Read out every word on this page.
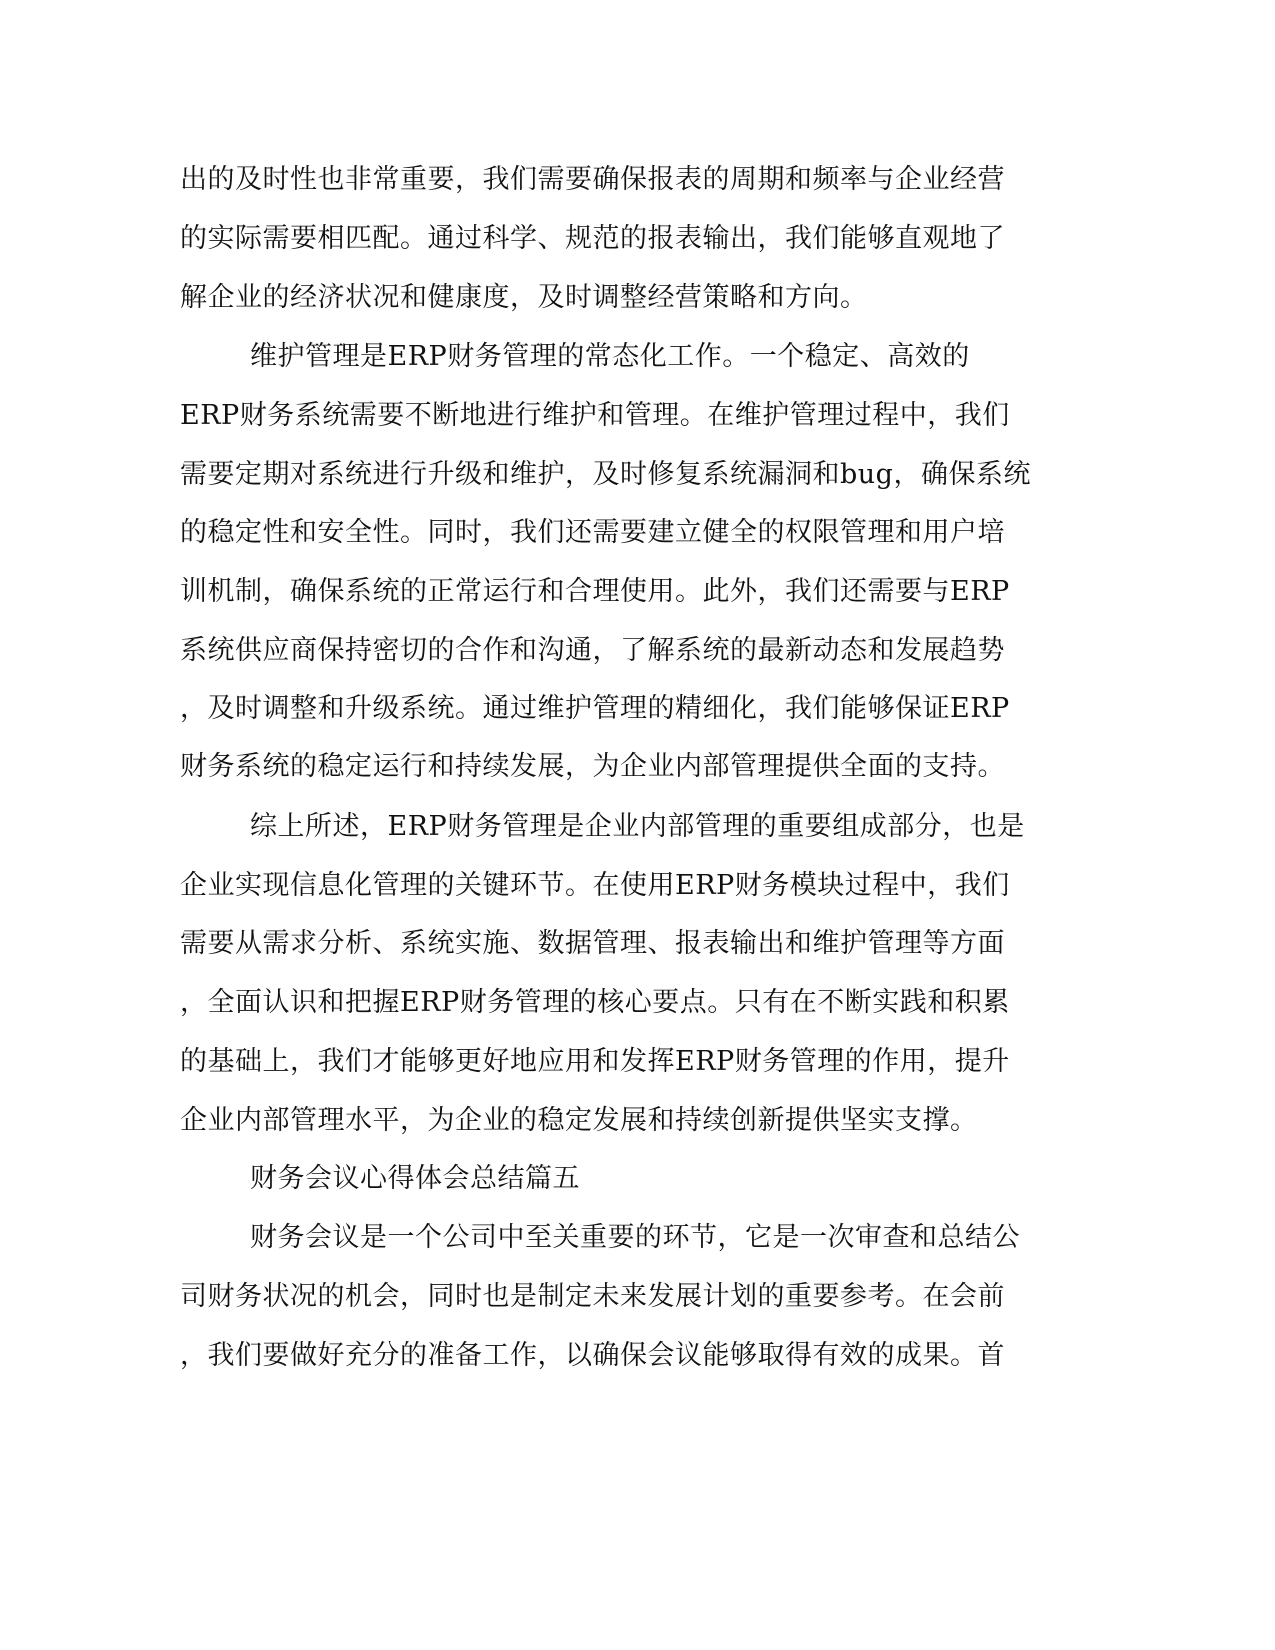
出的及时性也非常重要，我们需要确保报表的周期和频率与企业经营
的实际需要相匹配。通过科学、规范的报表输出，我们能够直观地了
解企业的经济状况和健康度，及时调整经营策略和方向。
维护管理是ERP财务管理的常态化工作。一个稳定、高效的
ERP财务系统需要不断地进行维护和管理。在维护管理过程中，我们
需要定期对系统进行升级和维护，及时修复系统漏洞和bug，确保系统
的稳定性和安全性。同时，我们还需要建立健全的权限管理和用户培
训机制，确保系统的正常运行和合理使用。此外，我们还需要与ERP
系统供应商保持密切的合作和沟通，了解系统的最新动态和发展趋势
，及时调整和升级系统。通过维护管理的精细化，我们能够保证ERP
财务系统的稳定运行和持续发展，为企业内部管理提供全面的支持。
综上所述，ERP财务管理是企业内部管理的重要组成部分，也是
企业实现信息化管理的关键环节。在使用ERP财务模块过程中，我们
需要从需求分析、系统实施、数据管理、报表输出和维护管理等方面
，全面认识和把握ERP财务管理的核心要点。只有在不断实践和积累
的基础上，我们才能够更好地应用和发挥ERP财务管理的作用，提升
企业内部管理水平，为企业的稳定发展和持续创新提供坚实支撑。
财务会议心得体会总结篇五
财务会议是一个公司中至关重要的环节，它是一次审查和总结公
司财务状况的机会，同时也是制定未来发展计划的重要参考。在会前
，我们要做好充分的准备工作，以确保会议能够取得有效的成果。首
